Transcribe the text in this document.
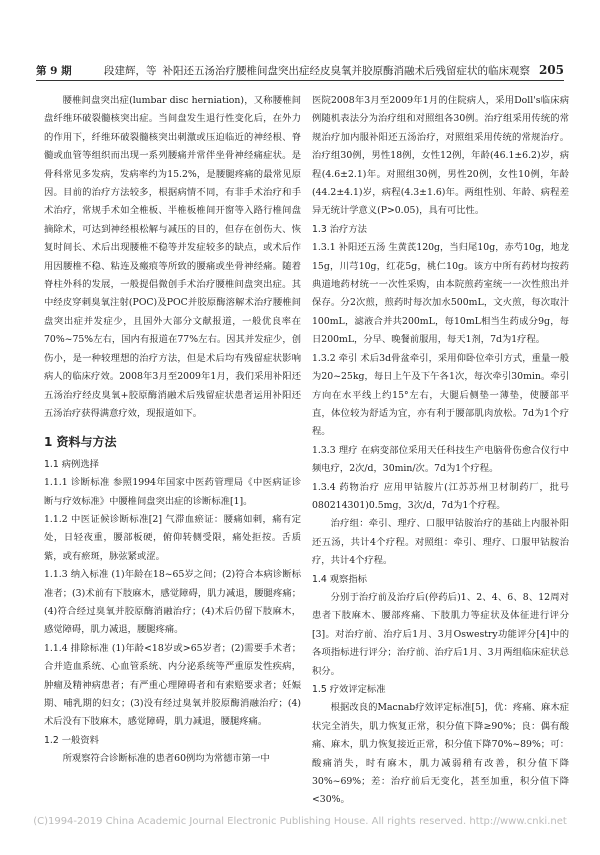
第 9 期	段建辉，等 补阳还五汤治疗腰椎间盘突出症经皮臭氧并胶原酶消融术后残留症状的临床观察 205

腰椎间盘突出症(lumbar disc herniation)，又称腰椎间盘纤维环破裂髓核突出症。当间盘发生退行性变化后，在外力的作用下，纤维环破裂髓核突出刺激或压迫临近的神经根、脊髓或血管等组织而出现一系列腰痛并常伴坐骨神经痛症状。是骨科常见多发病，发病率约为15.2%，是腰腿疼痛的最常见原因。目前的治疗方法较多，根据病情不同，有非手术治疗和手术治疗，常规手术如全椎板、半椎板椎间开窗等入路行椎间盘摘除术，可达到神经根松解与减压的目的，但存在创伤大、恢复时间长、术后出现腰椎不稳等并发症较多的缺点，或术后作用因腰椎不稳、粘连及瘢痕等所致的腰痛或坐骨神经痛。随着脊柱外科的发展，一般提倡微创手术治疗腰椎间盘突出症。其中经皮穿刺臭氧注射(POC)及POC并胶原酶溶解术治疗腰椎间盘突出症并发症少，且国外大部分文献报道，一般优良率在70%~75%左右，国内有报道在77%左右。因其并发症少，创伤小，是一种较理想的治疗方法，但是术后均有残留症状影响病人的临床疗效。2008年3月至2009年1月，我们采用补阳还五汤治疗经皮臭氧+胶原酶消融术后残留症状患者运用补阳还五汤治疗获得满意疗效，现报道如下。

1 资料与方法

1.1 病例选择

1.1.1 诊断标准 参照1994年国家中医药管理局《中医病证诊断与疗效标准》中腰椎间盘突出症的诊断标准[1]。

1.1.2 中医证候诊断标准[2] 气滞血瘀证：腰痛如刺，痛有定处，日轻夜重，腰部板硬，俯仰转侧受限，痛处拒按。舌质紫，或有瘀斑，脉弦紧或涩。

1.1.3 纳入标准 (1)年龄在18~65岁之间；(2)符合本病诊断标准者；(3)术前有下肢麻木，感觉障碍，肌力减退，腰腿疼痛；(4)符合经过臭氧并胶原酶消融治疗；(4)术后仍留下肢麻木，感觉障碍，肌力减退，腰腿疼痛。

1.1.4 排除标准 (1)年龄<18岁或>65岁者；(2)需要手术者；合并造血系统、心血管系统、内分泌系统等严重原发性疾病，肿瘤及精神病患者；有严重心理障碍者和有索赔要求者；妊娠期、哺乳期的妇女；(3)没有经过臭氧并胶原酶消融治疗；(4)术后没有下肢麻木，感觉障碍，肌力减退，腰腿疼痛。

1.2 一般资料

所观察符合诊断标准的患者60例均为常德市第一中

医院2008年3月至2009年1月的住院病人，采用Doll's临床病例随机表法分为治疗组和对照组各30例。治疗组采用传统的常规治疗加内服补阳还五汤治疗，对照组采用传统的常规治疗。治疗组30例，男性18例，女性12例，年龄(46.1±6.2)岁，病程(4.6±2.1)年。对照组30例，男性20例，女性10例，年龄(44.2±4.1)岁，病程(4.3±1.6)年。两组性别、年龄、病程差异无统计学意义(P>0.05)，具有可比性。

1.3 治疗方法

1.3.1 补阳还五汤 生黄芪120g，当归尾10g，赤芍10g，地龙15g，川芎10g，红花5g，桃仁10g。该方中所有药材均按药典道地药材统一一次性采购，由本院煎药室统一一次性煎出并保存。分2次煎，煎药时每次加水500mL，文火煎，每次取汁100mL，滤液合并共200mL，每10mL相当生药成分9g，每日200mL，分早、晚餐前服用，每天1剂，7d为1疗程。

1.3.2 牵引 术后3d骨盆牵引，采用仰卧位牵引方式，重量一般为20~25kg，每日上午及下午各1次，每次牵引30min。牵引方向在水平线上约15°左右，大腿后侧垫一薄垫，使腰部平直，体位较为舒适为宜，亦有利于腰部肌肉放松。7d为1个疗程。

1.3.3 理疗 在病变部位采用天任科技生产电脑骨伤愈合仪行中频电疗，2次/d，30min/次。7d为1个疗程。

1.3.4 药物治疗 应用甲钴胺片(江苏苏州卫材制药厂，批号080214301)0.5mg，3次/d，7d为1个疗程。

治疗组：牵引、理疗、口服甲钴胺治疗的基础上内服补阳还五汤，共计4个疗程。对照组：牵引、理疗、口服甲钴胺治疗，共计4个疗程。

1.4 观察指标

分别于治疗前及治疗后(停药后)1、2、4、6、8、12周对患者下肢麻木、腰部疼痛、下肢肌力等症状及体征进行评分[3]。对治疗前、治疗后1月、3月Oswestry功能评分[4]中的各项指标进行评分；治疗前、治疗后1月、3月两组临床症状总积分。

1.5 疗效评定标准

根据改良的Macnab疗效评定标准[5]，优：疼痛、麻木症状完全消失，肌力恢复正常，积分值下降≥90%；良：偶有酸痛、麻木，肌力恢复接近正常，积分值下降70%~89%；可：酸痛消失，时有麻木，肌力减弱稍有改善，积分值下降30%~69%；差：治疗前后无变化，甚至加重，积分值下降<30%。

(C)1994-2019 China Academic Journal Electronic Publishing House. All rights reserved. http://www.cnki.net
